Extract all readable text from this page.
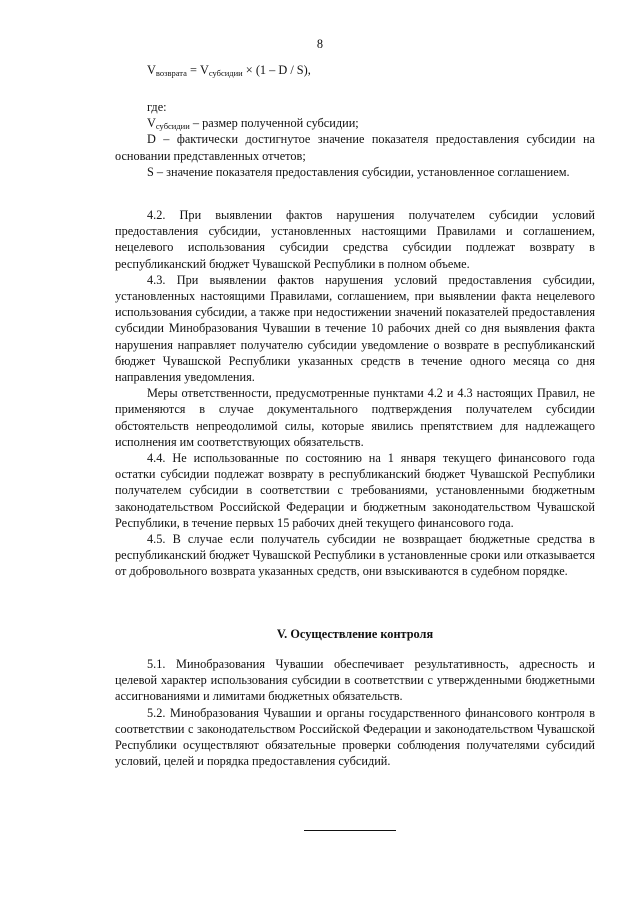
8
$V_{возврата} = V_{субсидии} \times (1 - D / S)$,

где:

$V_{субсидии}$ – размер полученной субсидии;

D – фактически достигнутое значение показателя предоставления субсидии на основании представленных отчетов;

S – значение показателя предоставления субсидии, установленное соглашением.

4.2. При выявлении фактов нарушения получателем субсидии условий предоставления субсидии, установленных настоящими Правилами и соглашением, нецелевого использования субсидии средства субсидии подлежат возврату в республиканский бюджет Чувашской Республики в полном объеме.

4.3. При выявлении фактов нарушения условий предоставления субсидии, установленных настоящими Правилами, соглашением, при выявлении факта нецелевого использования субсидии, а также при недостижении значений показателей предоставления субсидии Минобразования Чувашии в течение 10 рабочих дней со дня выявления факта нарушения направляет получателю субсидии уведомление о возврате в республиканский бюджет Чувашской Республики указанных средств в течение одного месяца со дня направления уведомления.

Меры ответственности, предусмотренные пунктами 4.2 и 4.3 настоящих Правил, не применяются в случае документального подтверждения получателем субсидии обстоятельств непреодолимой силы, которые явились препятствием для надлежащего исполнения им соответствующих обязательств.

4.4. Не использованные по состоянию на 1 января текущего финансового года остатки субсидии подлежат возврату в республиканский бюджет Чувашской Республики получателем субсидии в соответствии с требованиями, установленными бюджетным законодательством Российской Федерации и бюджетным законодательством Чувашской Республики, в течение первых 15 рабочих дней текущего финансового года.

4.5. В случае если получатель субсидии не возвращает бюджетные средства в республиканский бюджет Чувашской Республики в установленные сроки или отказывается от добровольного возврата указанных средств, они взыскиваются в судебном порядке.

V. Осуществление контроля

5.1. Минобразования Чувашии обеспечивает результативность, адресность и целевой характер использования субсидии в соответствии с утвержденными бюджетными ассигнованиями и лимитами бюджетных обязательств.

5.2. Минобразования Чувашии и органы государственного финансового контроля в соответствии с законодательством Российской Федерации и законодательством Чувашской Республики осуществляют обязательные проверки соблюдения получателями субсидий условий, целей и порядка предоставления субсидий.
